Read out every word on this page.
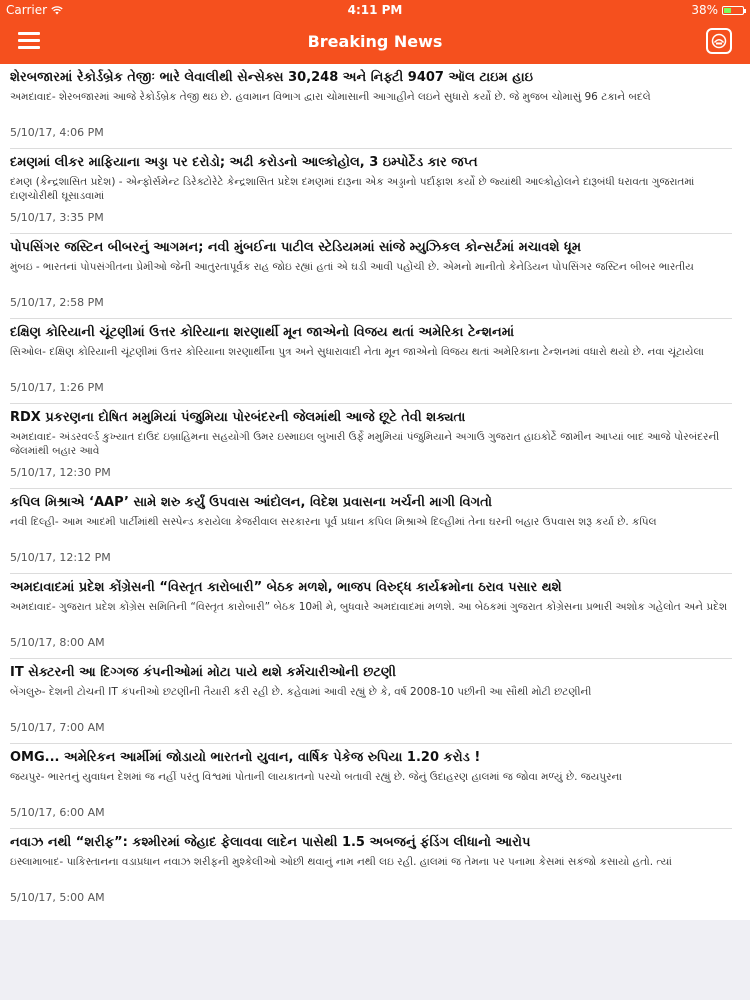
Carrier	4:11 PM	38%
Breaking News
શેરબજારમાં રેકોર્ડબ્રેક તેજીઃ ભારે લેવાલીથી સેન્સેક્સ 30,248 અને નિફ્ટી 9407 ઑલ ટાઇમ હાઇ
અમદાવાદ- શેરબજારમાં આજે રેકોર્ડબ્રેક તેજી થઇ છે. હવામાન વિભાગ દ્વારા ચોમાસાની આગાહીને લઇને સુધારો કર્યો છે. જે મુજબ ચોમાસું 96 ટકાને બદલે
5/10/17, 4:06 PM
દમણમાં લીકર માફિયાના અડ્ડા પર દરોડો; અઢી કરોડનો આલ્કોહોલ, 3 ઇમ્પોર્ટેડ કાર જપ્ત
દમણ (કેન્દ્રશાસિત પ્રદેશ) - એન્ફોર્સમેન્ટ ડિરેક્ટોરેટે કેન્દ્રશાસિત પ્રદેશ દમણમાં દારૂના એક અડ્ડાનો પર્દાફાશ કર્યો છે જ્યાંથી આલ્કોહોલને દારૂબંધી ધરાવતા ગુજરાતમાં દાણચોરીથી ઘૂસાડવામાં
5/10/17, 3:35 PM
પોપસિંગર જસ્ટિન બીબરનું આગમન; નવી મુંબઈના પાટીલ સ્ટેડિયમમાં સાંજે મ્યુઝિકલ કોન્સર્ટમાં મચાવશે ધૂમ
મુંબઇ - ભારતનાં પોપસંગીતના પ્રેમીઓ જેની આતુરતાપૂર્વક રાહ જોઇ રહ્યાં હતાં એ ઘડી આવી પહોંચી છે. એમનો માનીતો કેનેડિયન પોપસિંગર જસ્ટિન બીબર ભારતીય
5/10/17, 2:58 PM
દક્ષિણ કોરિયાની ચૂંટણીમાં ઉત્તર કોરિયાના શરણાર્થી મૂન જાએનો વિજય થતાં અમેરિકા ટેન્શનમાં
સિઓલ- દક્ષિણ કોરિયાની ચૂંટણીમાં ઉત્તર કોરિયાના શરણાર્થીના પુત્ર અને સુધારાવાદી નેતા મૂન જાએનો વિજય થતાં અમેરિકાના ટેન્શનમાં વધારો થયો છે. નવા ચૂંટાયેલા
5/10/17, 1:26 PM
RDX પ્રકરણના દોષિત મમુમિયાં પંજુમિયા પોરબંદરની જેલમાંથી આજે છૂટે તેવી શક્યતા
અમદાવાદ- અંડરવર્લ્ડ કુખ્યાત દાઉદ ઇબ્રાહિમના સહયોગી ઉમર ઇસ્માઇલ બુખારી ઉર્ફે મમુમિયાં પંજુમિયાને અગાઉ ગુજરાત હાઇકોર્ટે જામીન આપ્યાં બાદ આજે પોરબંદરની જેલમાંથી બહાર આવે
5/10/17, 12:30 PM
કપિલ મિશ્રાએ ‘AAP’ સામે શરુ કર્યું ઉપવાસ આંદોલન, વિદેશ પ્રવાસના ખર્ચની માગી વિગતો
નવી દિલ્હી- આમ આદમી પાર્ટીમાંથી સસ્પેન્ડ કરાયેલા કેજરીવાલ સરકારના પૂર્વ પ્રધાન કપિલ મિશ્રાએ દિલ્હીમાં તેના ઘરની બહાર ઉપવાસ શરૂ કર્યા છે. કપિલ
5/10/17, 12:12 PM
અમદાવાદમાં પ્રદેશ કોંગ્રેસની “વિસ્તૃત કારોબારી” બેઠક મળશે, ભાજપ વિરુદ્ધ કાર્યક્રમોના ઠરાવ પસાર થશે
અમદાવાદ- ગુજરાત પ્રદેશ કોંગ્રેસ સમિતિની “વિસ્તૃત કારોબારી” બેઠક 10મી મે, બુધવારે અમદાવાદમાં મળશે. આ બેઠકમાં ગુજરાત કોંગ્રેસના પ્રભારી અશોક ગહેલોત અને પ્રદેશ
5/10/17, 8:00 AM
IT સેક્ટરની આ દિગ્ગજ કંપનીઓમાં મોટા પાયે થશે કર્મચારીઓની છટણી
બેંગલુરુ- દેશની ટોચની IT કંપનીઓ છટણીની તૈયારી કરી રહી છે. કહેવામાં આવી રહ્યું છે કે, વર્ષ 2008-10 પછીની આ સૌથી મોટી છટણીની
5/10/17, 7:00 AM
OMG... અમેરિકન આર્મીમાં જોડાયો ભારતનો યુવાન, વાર્ષિક પેકેજ રુપિયા 1.20 કરોડ !
જયપુર- ભારતનું યુવાધન દેશમાં જ નહીં પરંતુ વિશ્વમાં પોતાની લાયકાતનો પરચો બતાવી રહ્યું છે. જેનું ઉદાહરણ હાલમાં જ જોવા મળ્યું છે. જયપુરના
5/10/17, 6:00 AM
નવાઝ નથી “શરીફ”: કશ્મીરમાં જેહાદ ફેલાવવા લાદેન પાસેથી 1.5 અબજનું ફંડિંગ લીધાનો આરોપ
ઇસ્લામાબાદ- પાકિસ્તાનના વડાપ્રધાન નવાઝ શરીફની મુશ્કેલીઓ ઓછી થવાનું નામ નથી લઇ રહી. હાલમાં જ તેમના પર પનામા કેસમાં સકંજો કસાયો હતો. ત્યાં
5/10/17, 5:00 AM
